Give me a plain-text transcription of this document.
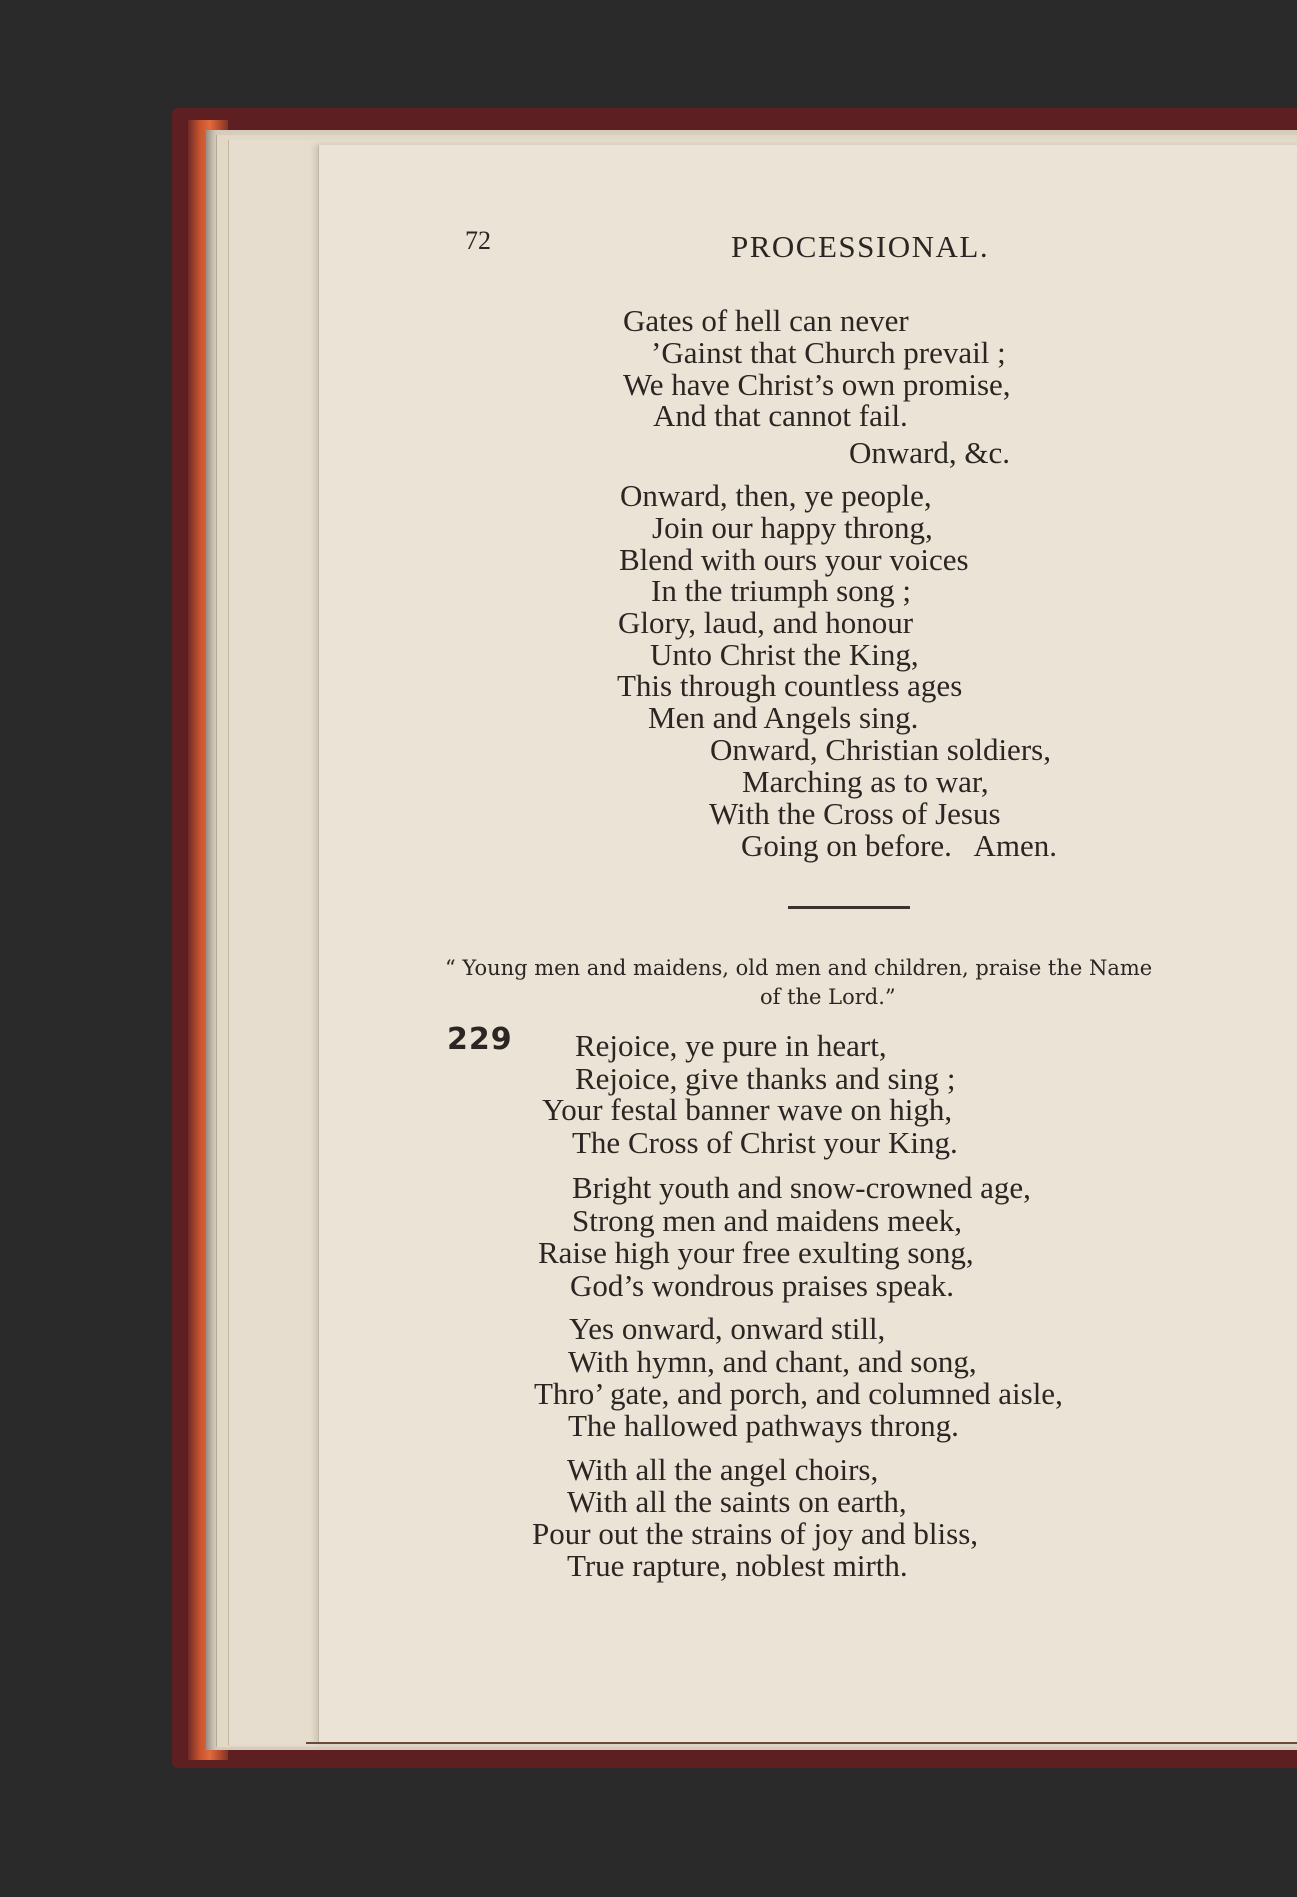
72	PROCESSIONAL.
Gates of hell can never
’Gainst that Church prevail ;
We have Christ’s own promise,
And that cannot fail.
Onward, &c.
Onward, then, ye people,
Join our happy throng,
Blend with ours your voices
In the triumph song ;
Glory, laud, and honour
Unto Christ the King,
This through countless ages
Men and Angels sing.
Onward, Christian soldiers,
Marching as to war,
With the Cross of Jesus
Going on before.   Amen.
“ Young men and maidens, old men and children, praise the Name
of the Lord.”
229 Rejoice, ye pure in heart,
Rejoice, give thanks and sing ;
Your festal banner wave on high,
The Cross of Christ your King.
Bright youth and snow-crowned age,
Strong men and maidens meek,
Raise high your free exulting song,
God’s wondrous praises speak.
Yes onward, onward still,
With hymn, and chant, and song,
Thro’ gate, and porch, and columned aisle,
The hallowed pathways throng.
With all the angel choirs,
With all the saints on earth,
Pour out the strains of joy and bliss,
True rapture, noblest mirth.
